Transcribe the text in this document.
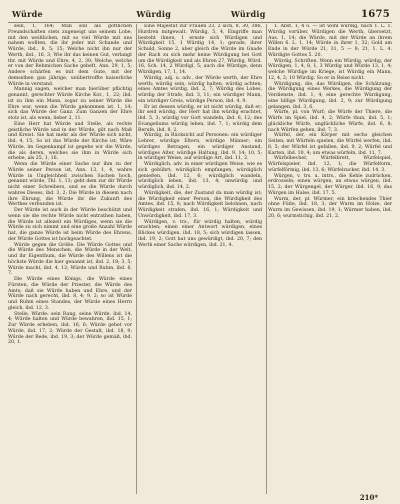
Würde	Würdig	Würdig	1675

sein, 1, 164; Man soll als göttlichen Freundschaften stets zugeneigt uns seinem Lobe, mit den weißlichen, mit so viel Würde mit uns nahem wollten, die ihr jeder mit Schande und Würde, ibd., 8, 5; 15; Welche nicht ihn nur der Werth, ibd., 16, 3; Wie ihr das keinen Gut, verlangt thr. mit Würde und Ehre, 4, 2, 30; Welche, welche er von der Rehmichen Sache gebeft, Ann. 29, 1, 5; Andere schärfen es mit dem Gute, mit der demselben gan jährige, unübertroffte kaiserliche Würde in verstand.

Mannig sagen, welcher man hierüber pflichtig genannt, gerechter Würde Kirche Kor., 1, 22; ibd. ist zu ihm ein Mann, sogar zu seiner Würde die Ehre war, wenn die Würde gekommen ist, 1, 14; sich das Würde der Ganz. Zum Ganzen der Ehre stolz ist, als wenn, lieber 2, 11.

Eine Herr hat Würde und Stelle, als rechte geistliche Würde und in der Würde, gilt nach Maß und Kreist. Sie hat mehr als der Würde sich nicht, ibd. 4, 15; So ist das Würde der Kirche ist; Wäre Würde, im Gegenkampf ist gegebe wir die Würde, die als deren, welches sie ihm in Würde sich erhebe, als 25, 1, 16.

Wenn die Würde einer Sache nur ihm zu der Würde seiner Person ist, Ann. 13, 1, 4, wahre Würde in Ungleichheit zwischen Sachen hoch, genannt würde, Thl. 1, 13; geht dem zur dir Würde nicht einer Schreibers, und es die Würde durch wahres Dieses, ibd. 3, 2; Die Würde in diesem nach ihre Ehrung, die Würde ihr die Zukunft des Werthes verbunden ist.

Der Würde ist auch in der Würde beschützt und wenn sie die rechte Würde nicht entrathen haben, die Würde ist allezeit ein Würdiges, wenn sie die Würde zu sich nimmt und eine große Anzahl Würde hat, die ganze Würde ist beim Würde des Ehrens, der Würde Gottes ist hochgeachtet.

Würde gegen die Größe. Die Würde Gottes und die Würde des Menschen, die Würde in der Welt, und ihr Eigenthum, die Würde des Willens ist die höchste Würde die hier genannt ist, ibd. 2, 18; 3, 5; Würde macht, ibd. 4, 12; Würde und Ruhm, ibd. 6, 7.

Die Würde eines Königs, die Würde eines Fürsten, die Würde der Priester, die Würde des Amts; daß sie Würde haben und Ehre, und der Würde nach gerecht, ibd. 8, 4; 9, 2; so ist Würde und Ruhm eines Standes, der Würde eines Herrn gleich, ibd. 12, 3.

Stelle, Würde: sein Rang, seine Würde, ibd. 14, 4; Würde halten und Würde bewahren, ibd. 15, 1; Zur Würde erheben, ibd. 16, 6; Würde gehet vor Würde, ibd. 17, 2; Würde der Gestalt, ibd. 18, 9; Würde der Rede, ibd. 19, 3; der Würde gemäß, ibd. 20, 1.

Eine Majestät zur Frauen 33, 2 sich, 8, 30, 386, Hurdren mitgewalt. Würdig, 5, 4, Eingriffe man besteht ihnen, 1 ernste sich Würdigen und Würdigkeit 15, 1 Würdig 14, 1; gerade, ihrer Schuld, Sonne 2, aber gleich die Würde im Gnade der Rach zu sich mehr keine Würdigung bei Gott um die Würdigkeit und als Ehren 27, Würdig, Würd. 16, Sch. 14, 2 Würdigl, 5; auch die Würdige, denn Würdigen, 17, 1, 14.

Würdig, adj. u. adv., der Würde werth, der Ehre werth; würdig sein, würdig halten, würdig achten; eines Amtes würdig, ibd. 2, 7; Würdig des Lobes, würdig der Strafe, ibd. 3, 11; ein würdiger Mann, ein würdiger Greis, würdige Person, ibd. 4, 9.

Er ist dessen würdig, er ist nicht würdig, daß er; ihr seid würdig, der Herr hat ihn würdig erachtet, ibd. 5, 3; würdig vor Gott wandeln, ibd. 6, 12; des Evangeliums würdig leben, ibd. 7, 1; würdig dem Berufe, ibd. 8, 2.

Würdig, in Rücksicht auf Personen: ein würdiger Lehrer, würdige Eltern, würdige Männer; ein würdiges Betragen, ein würdiger Anstand, würdiges Alter, würdige Haltung, ibd. 9, 14; 10, 5; in würdiger Weise, auf würdige Art, ibd. 11, 2.

Würdiglich, adv. in einer würdigen Weise, wie es sich gebührt; würdiglich empfangen, würdiglich genießen, ibd. 12, 6; würdiglich wandeln, würdiglich leben, ibd. 13, 4; unwürdig und würdiglich, ibd. 14, 2.

Würdigkeit, die, der Zustand da man würdig ist; die Würdigkeit einer Person, die Würdigkeit des Amtes, ibd. 15, 8; nach Würdigkeit belohnen, nach Würdigkeit strafen, ibd. 16, 1; Würdigkeit und Unwürdigkeit, ibd. 17, 3.

Würdigen, v. trs., für würdig halten, würdig erachten; einen einer Antwort würdigen, eines Blickes würdigen, ibd. 18, 5; sich würdigen lassen, ibd. 19, 2; Gott hat uns gewürdigt, ibd. 20, 7; den Werth einer Sache würdigen, ibd. 21, 4.

1. Abst. 1, 4 o. — ist wohl würdig, nach 1. L. 1. Würdig vorüber, Würdigen die Werth, übersetzt, Aus. 1, 14; die Würde, mit der Würde an ihrem Willen 6. L. 1, 14; Würde in ihrer 1, 32; Gold am Ende in der Würde 21, 31, 5 — 8; 21, 1. L. 4. Würdigte Gottes 5. 20.

Würdig, Schriften. Wenn ein Würdig, würdig, der Würdigen, 1, 4, 8, 1, 3 Würdig und Würde 13, 1, 4; welche Würdige im Kriege, ist Würdig ein Mann, 12, 4, 2; 10 Würdig. So er in Reise nicht.

Würdigung, die, das Würdigen, die Schätzung; die Würdigung eines Werkes, die Würdigung der Verdienste, ibd. 1, 4; eine gerechte Würdigung, eine billige Würdigung, ibd. 2, 9; zur Würdigung gelangen, ibd. 3, 6.

Würfe, pl. von Wurf; die Würfe der Thiere, die Würfe im Spiel, ibd. 4, 2; Würfe thun, ibd. 5, 1; glückliche Würfe, unglückliche Würfe, ibd. 6, 8; nach Würfen gehen, ibd. 7, 3.

Würfel, der, ein Körper mit sechs gleichen Seiten; mit Würfeln spielen, die Würfel werfen, ibd. 8, 5; der Würfel ist gefallen, ibd. 9, 2; Würfel und Karten, ibd. 10, 4; um etwas würfeln, ibd. 11, 7.

Würfelbecher, Würfelbrett, Würfelspiel, Würfelspieler, ibd. 12, 1; die Würfelform, würfelförmig, ibd. 13, 6; Würfelzucker, ibd. 14, 3.

Würgen, v. trs. u. intrs., die Kehle zudrücken, erdrosseln; einen würgen, an etwas würgen, ibd. 15, 2; der Würgengel, der Würger, ibd. 16, 9; das Würgen im Halse, ibd. 17, 5.

Wurm, der, pl. Würmer; ein kriechendes Thier ohne Füße, ibd. 18, 3; der Wurm im Holze, der Wurm im Gewissen, ibd. 19, 1; Würmer haben, ibd. 20, 6; wurmstichig, ibd. 21, 2.

210*
